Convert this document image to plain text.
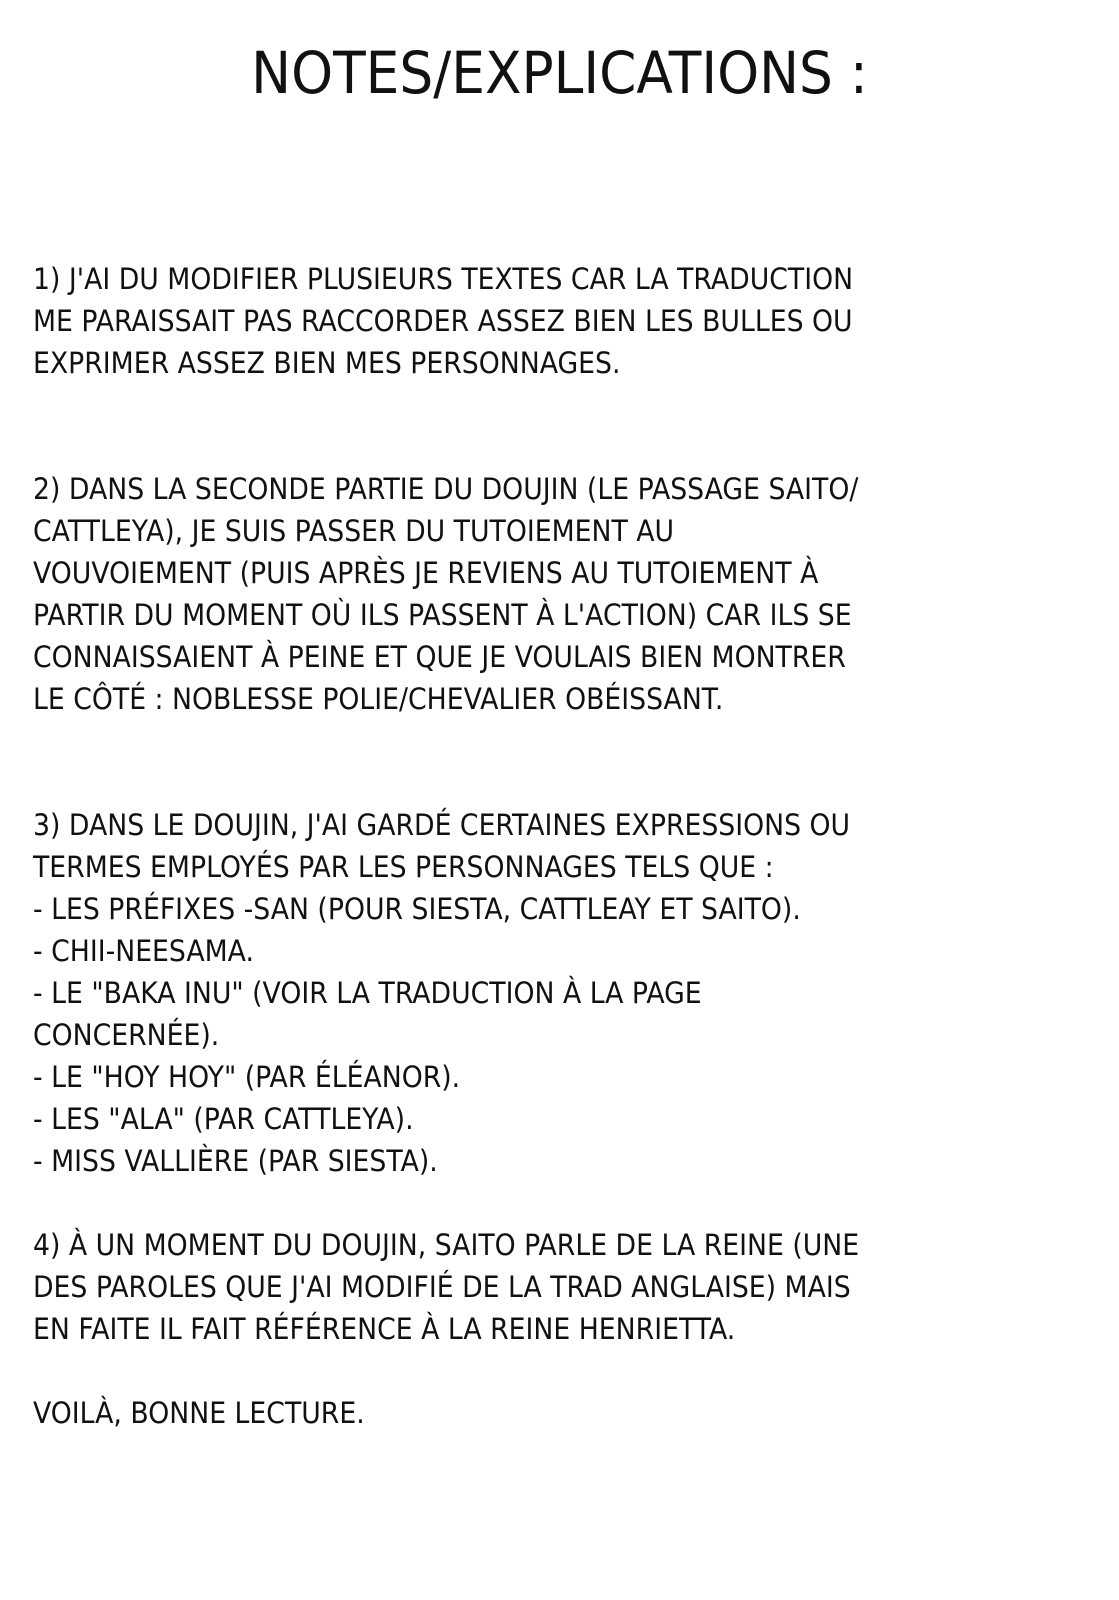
NOTES/EXPLICATIONS :

1) J'AI DU MODIFIER PLUSIEURS TEXTES CAR LA TRADUCTION
ME PARAISSAIT PAS RACCORDER ASSEZ BIEN LES BULLES OU
EXPRIMER ASSEZ BIEN MES PERSONNAGES.

2) DANS LA SECONDE PARTIE DU DOUJIN (LE PASSAGE SAITO/
CATTLEYA), JE SUIS PASSER DU TUTOIEMENT AU
VOUVOIEMENT (PUIS APRÈS JE REVIENS AU TUTOIEMENT À
PARTIR DU MOMENT OÙ ILS PASSENT À L'ACTION) CAR ILS SE
CONNAISSAIENT À PEINE ET QUE JE VOULAIS BIEN MONTRER
LE CÔTÉ : NOBLESSE POLIE/CHEVALIER OBÉISSANT.

3) DANS LE DOUJIN, J'AI GARDÉ CERTAINES EXPRESSIONS OU
TERMES EMPLOYÉS PAR LES PERSONNAGES TELS QUE :
- LES PRÉFIXES -SAN (POUR SIESTA, CATTLEAY ET SAITO).
- CHII-NEESAMA.
- LE "BAKA INU" (VOIR LA TRADUCTION À LA PAGE
CONCERNÉE).
- LE "HOY HOY" (PAR ÉLÉANOR).
- LES "ALA" (PAR CATTLEYA).
- MISS VALLIÈRE (PAR SIESTA).

4) À UN MOMENT DU DOUJIN, SAITO PARLE DE LA REINE (UNE
DES PAROLES QUE J'AI MODIFIÉ DE LA TRAD ANGLAISE) MAIS
EN FAITE IL FAIT RÉFÉRENCE À LA REINE HENRIETTA.

VOILÀ, BONNE LECTURE.
